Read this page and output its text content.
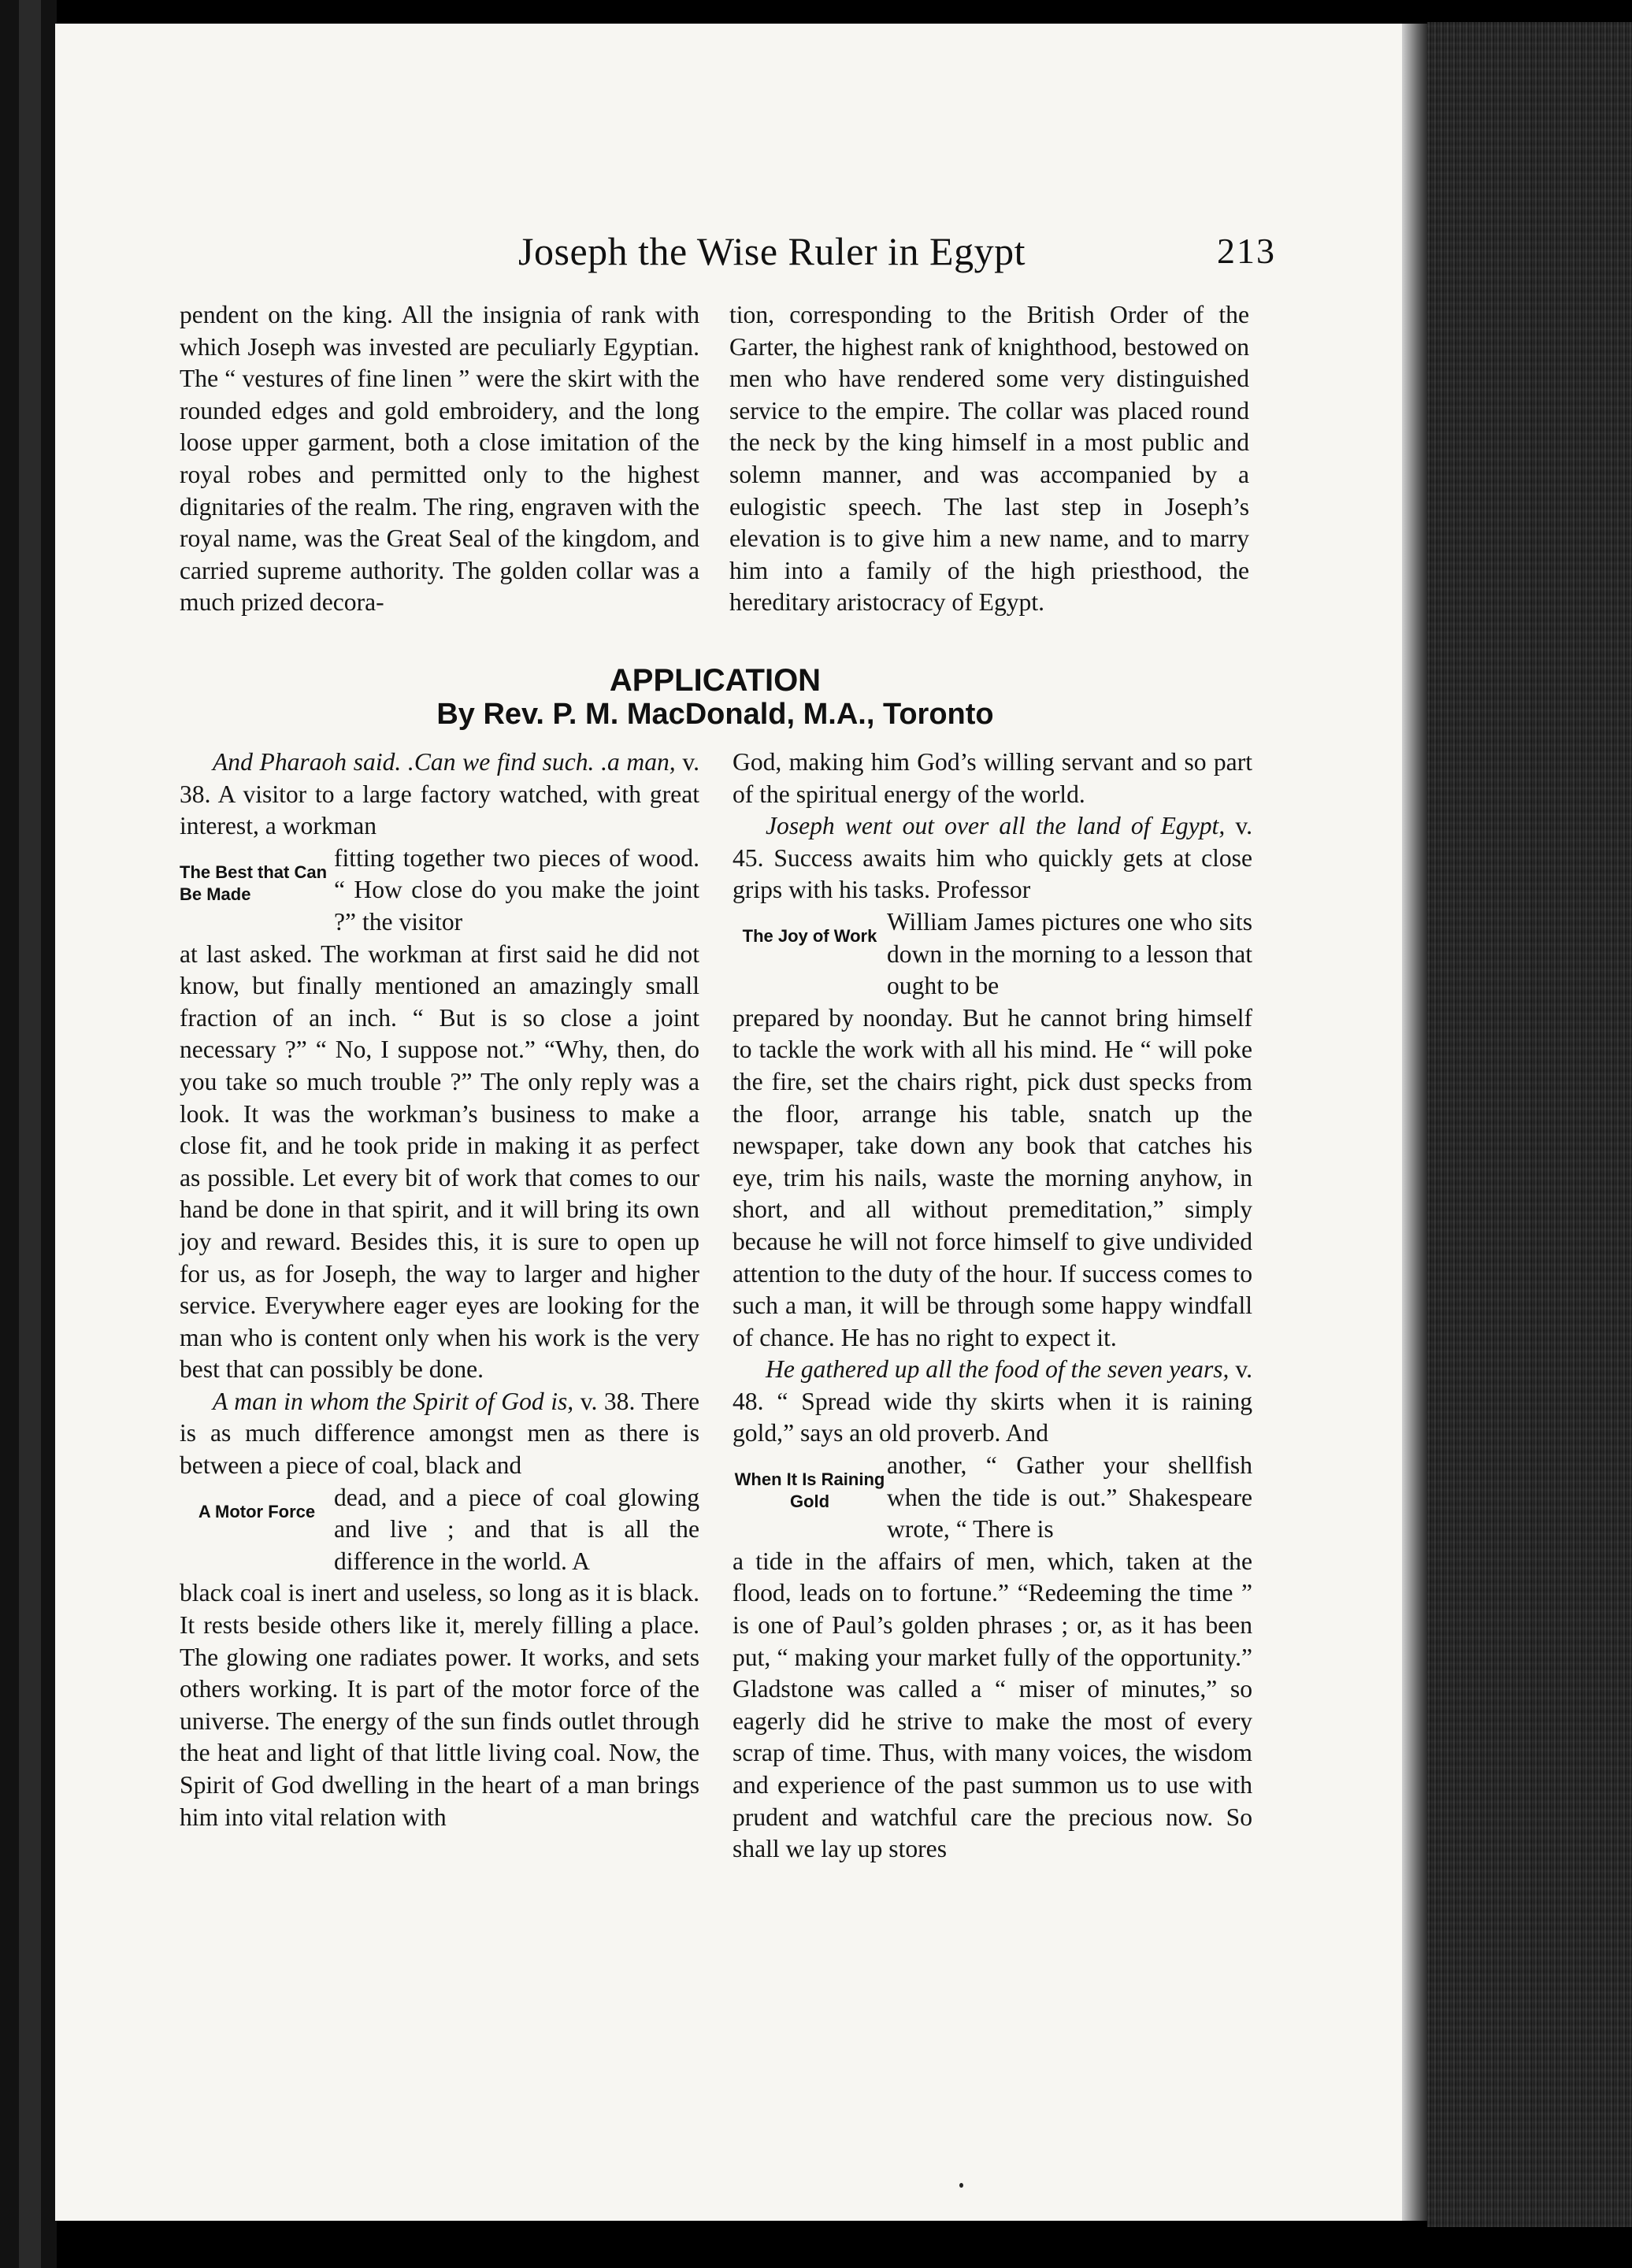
Joseph the Wise Ruler in Egypt	213

pendent on the king. All the insignia of rank with which Joseph was invested are peculiarly Egyptian. The “ vestures of fine linen ” were the skirt with the rounded edges and gold embroidery, and the long loose upper garment, both a close imitation of the royal robes and permitted only to the highest dignitaries of the realm. The ring, engraven with the royal name, was the Great Seal of the kingdom, and carried supreme authority. The golden collar was a much prized decora-

tion, corresponding to the British Order of the Garter, the highest rank of knighthood, bestowed on men who have rendered some very distinguished service to the empire. The collar was placed round the neck by the king himself in a most public and solemn manner, and was accompanied by a eulogistic speech. The last step in Joseph’s elevation is to give him a new name, and to marry him into a family of the high priesthood, the hereditary aristocracy of Egypt.

APPLICATION
By Rev. P. M. MacDonald, M.A., Toronto

And Pharaoh said. .Can we find such. .a man, v. 38. A visitor to a large factory watched, with great interest, a workman

The Best that Can Be Made
fitting together two pieces of wood. “ How close do you make the joint ?” the visitor

at last asked. The workman at first said he did not know, but finally mentioned an amazingly small fraction of an inch. “ But is so close a joint necessary ?” “ No, I suppose not.” “Why, then, do you take so much trouble ?” The only reply was a look. It was the workman’s business to make a close fit, and he took pride in making it as perfect as possible. Let every bit of work that comes to our hand be done in that spirit, and it will bring its own joy and reward. Besides this, it is sure to open up for us, as for Joseph, the way to larger and higher service. Everywhere eager eyes are looking for the man who is content only when his work is the very best that can possibly be done.

A man in whom the Spirit of God is, v. 38. There is as much difference amongst men as there is between a piece of coal, black and

A Motor Force
dead, and a piece of coal glowing and live ; and that is all the difference in the world. A

black coal is inert and useless, so long as it is black. It rests beside others like it, merely filling a place. The glowing one radiates power. It works, and sets others working. It is part of the motor force of the universe. The energy of the sun finds outlet through the heat and light of that little living coal. Now, the Spirit of God dwelling in the heart of a man brings him into vital relation with

God, making him God’s willing servant and so part of the spiritual energy of the world.

Joseph went out over all the land of Egypt, v. 45. Success awaits him who quickly gets at close grips with his tasks. Professor

The Joy of Work
William James pictures one who sits down in the morning to a lesson that ought to be

prepared by noonday. But he cannot bring himself to tackle the work with all his mind. He “ will poke the fire, set the chairs right, pick dust specks from the floor, arrange his table, snatch up the newspaper, take down any book that catches his eye, trim his nails, waste the morning anyhow, in short, and all without premeditation,” simply because he will not force himself to give undivided attention to the duty of the hour. If success comes to such a man, it will be through some happy windfall of chance. He has no right to expect it.

He gathered up all the food of the seven years, v. 48. “ Spread wide thy skirts when it is raining gold,” says an old proverb. And

When It Is Raining Gold
another, “ Gather your shellfish when the tide is out.” Shakespeare wrote, “ There is

a tide in the affairs of men, which, taken at the flood, leads on to fortune.” “Redeeming the time ” is one of Paul’s golden phrases ; or, as it has been put, “ making your market fully of the opportunity.” Gladstone was called a “ miser of minutes,” so eagerly did he strive to make the most of every scrap of time. Thus, with many voices, the wisdom and experience of the past summon us to use with prudent and watchful care the precious now. So shall we lay up stores
